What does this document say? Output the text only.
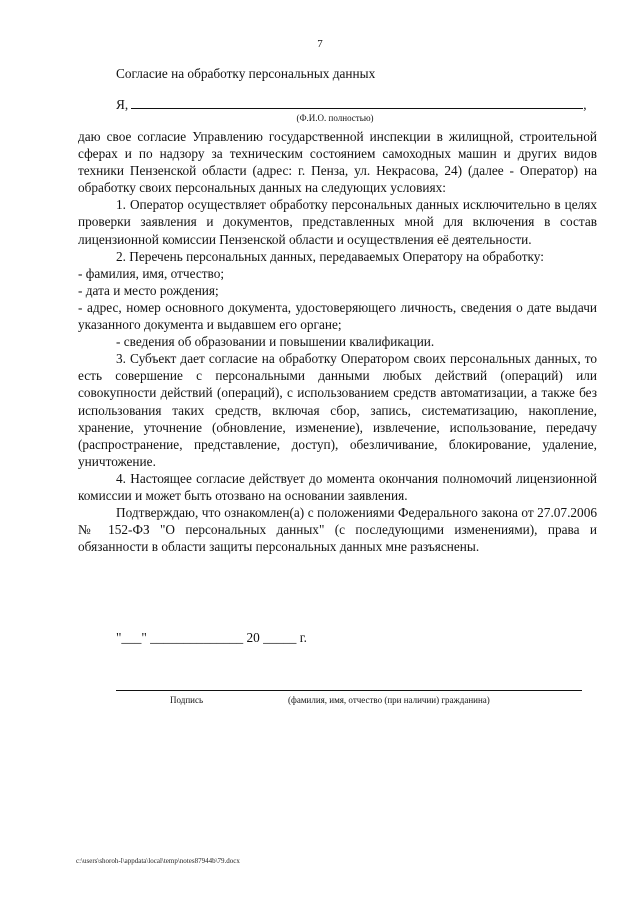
7
Согласие на обработку персональных данных
Я,	,
(Ф.И.О. полностью)

даю свое согласие Управлению государственной инспекции в жилищной, строительной сферах и по надзору за техническим состоянием самоходных машин и других видов техники Пензенской области (адрес: г. Пенза, ул. Некрасова, 24) (далее - Оператор) на обработку своих персональных данных на следующих условиях:

1. Оператор осуществляет обработку персональных данных исключительно в целях проверки заявления и документов, представленных мной для включения в состав лицензионной комиссии Пензенской области и осуществления её деятельности.

2. Перечень персональных данных, передаваемых Оператору на обработку:

- фамилия, имя, отчество;

- дата и место рождения;

- адрес, номер основного документа, удостоверяющего личность, сведения о дате выдачи указанного документа и выдавшем его органе;

- сведения об образовании и повышении квалификации.

3. Субъект дает согласие на обработку Оператором своих персональных данных, то есть совершение с персональными данными любых действий (операций) или совокупности действий (операций), с использованием средств автоматизации, а также без использования таких средств, включая сбор, запись, систематизацию, накопление, хранение, уточнение (обновление, изменение), извлечение, использование, передачу (распространение, представление, доступ), обезличивание, блокирование, удаление, уничтожение.

4. Настоящее согласие действует до момента окончания полномочий лицензионной комиссии и может быть отозвано на основании заявления.

Подтверждаю, что ознакомлен(а) с положениями Федерального закона от 27.07.2006 № 152-ФЗ "О персональных данных" (с последующими изменениями), права и обязанности в области защиты персональных данных мне разъяснены.

"___" ______________ 20 _____ г.
Подпись	(фамилия, имя, отчество (при наличии) гражданина)
c:\users\shoroh-l\appdata\local\temp\notes87944b\79.docx
